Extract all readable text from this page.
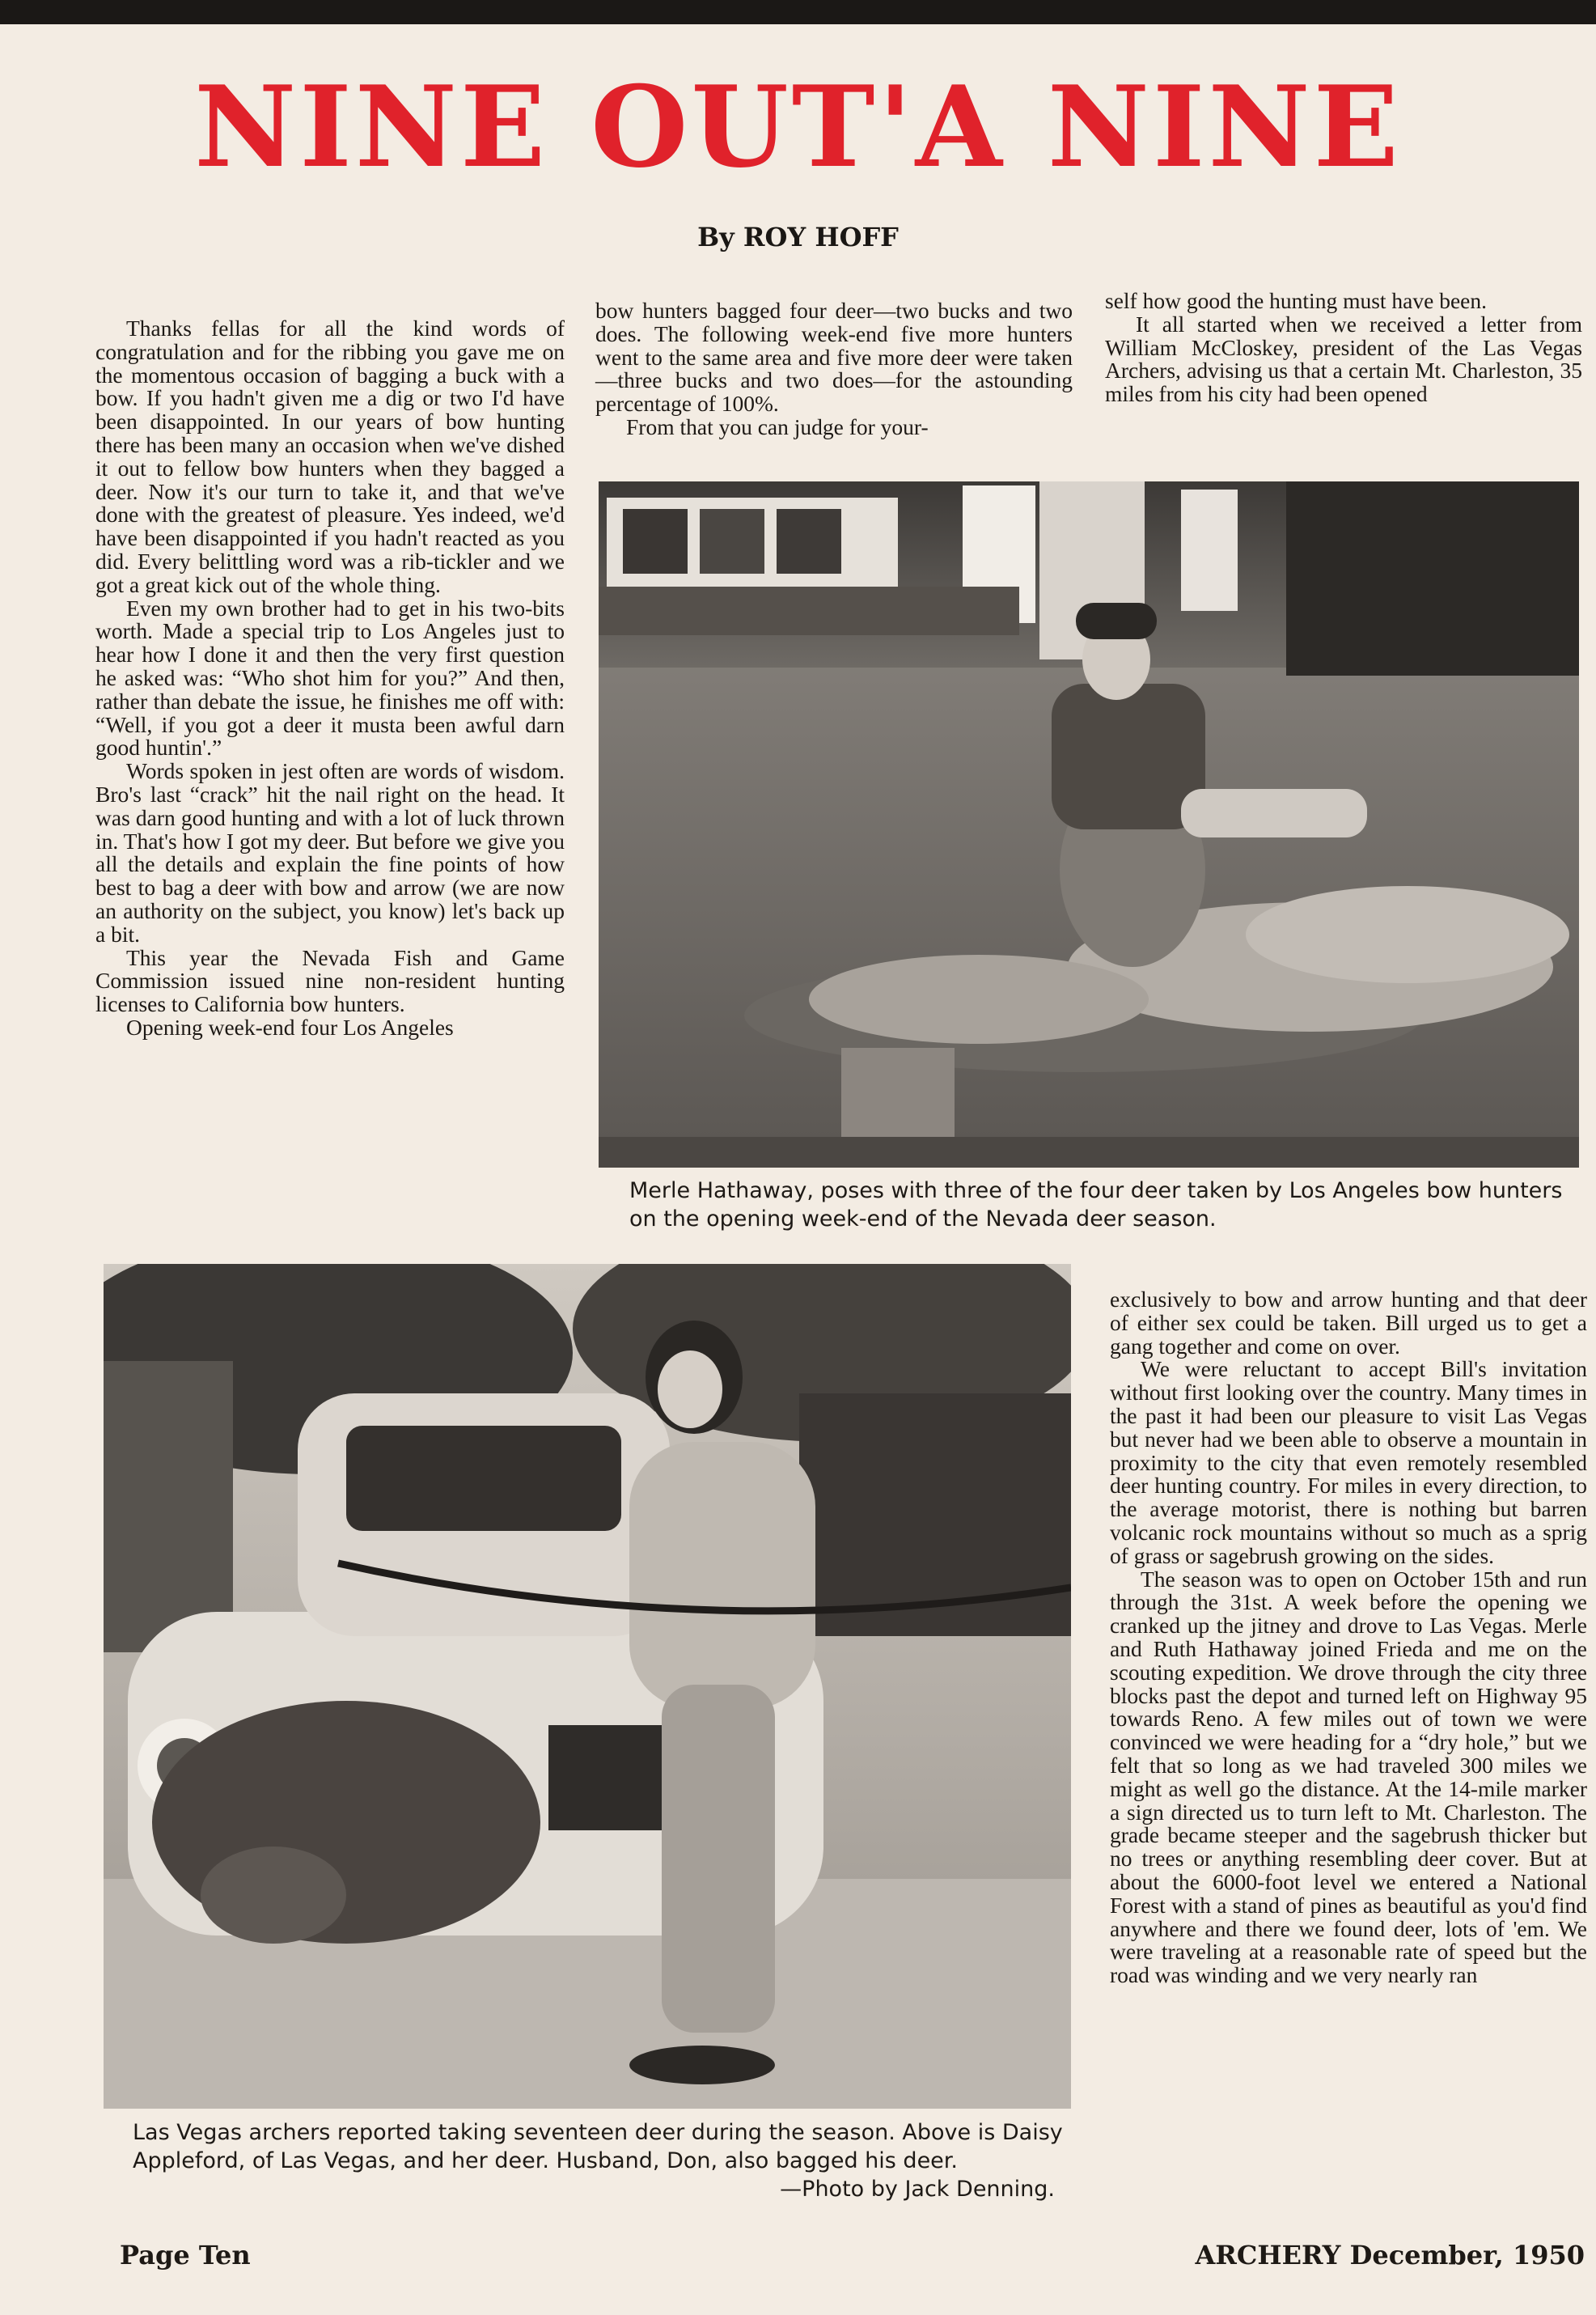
NINE OUT'A NINE
By ROY HOFF

Thanks fellas for all the kind words of congratulation and for the ribbing you gave me on the momentous occasion of bagging a buck with a bow. If you hadn't given me a dig or two I'd have been disappointed. In our years of bow hunting there has been many an occasion when we've dished it out to fellow bow hunters when they bagged a deer. Now it's our turn to take it, and that we've done with the greatest of pleasure. Yes indeed, we'd have been disappointed if you hadn't reacted as you did. Every belittling word was a rib-tickler and we got a great kick out of the whole thing.

Even my own brother had to get in his two-bits worth. Made a special trip to Los Angeles just to hear how I done it and then the very first question he asked was: “Who shot him for you?” And then, rather than debate the issue, he finishes me off with: “Well, if you got a deer it musta been awful darn good huntin'.”

Words spoken in jest often are words of wisdom. Bro's last “crack” hit the nail right on the head. It was darn good hunting and with a lot of luck thrown in. That's how I got my deer. But before we give you all the details and explain the fine points of how best to bag a deer with bow and arrow (we are now an authority on the subject, you know) let's back up a bit.

This year the Nevada Fish and Game Commission issued nine non-resident hunting licenses to California bow hunters.

Opening week-end four Los Angeles

bow hunters bagged four deer—two bucks and two does. The following week-end five more hunters went to the same area and five more deer were taken—three bucks and two does—for the astounding percentage of 100%.

From that you can judge for your-

self how good the hunting must have been.

It all started when we received a letter from William McCloskey, president of the Las Vegas Archers, advising us that a certain Mt. Charleston, 35 miles from his city had been opened

Merle Hathaway, poses with three of the four deer taken by Los Angeles bow hunters on the opening week-end of the Nevada deer season.
Las Vegas archers reported taking seventeen deer during the season. Above is Daisy Appleford, of Las Vegas, and her deer. Husband, Don, also bagged his deer.
—Photo by Jack Denning.

exclusively to bow and arrow hunting and that deer of either sex could be taken. Bill urged us to get a gang together and come on over.

We were reluctant to accept Bill's invitation without first looking over the country. Many times in the past it had been our pleasure to visit Las Vegas but never had we been able to observe a mountain in proximity to the city that even remotely resembled deer hunting country. For miles in every direction, to the average motorist, there is nothing but barren volcanic rock mountains without so much as a sprig of grass or sagebrush growing on the sides.

The season was to open on October 15th and run through the 31st. A week before the opening we cranked up the jitney and drove to Las Vegas. Merle and Ruth Hathaway joined Frieda and me on the scouting expedition. We drove through the city three blocks past the depot and turned left on Highway 95 towards Reno. A few miles out of town we were convinced we were heading for a “dry hole,” but we felt that so long as we had traveled 300 miles we might as well go the distance. At the 14-mile marker a sign directed us to turn left to Mt. Charleston. The grade became steeper and the sagebrush thicker but no trees or anything resembling deer cover. But at about the 6000-foot level we entered a National Forest with a stand of pines as beautiful as you'd find anywhere and there we found deer, lots of 'em. We were traveling at a reasonable rate of speed but the road was winding and we very nearly ran

Page Ten	ARCHERY December, 1950
